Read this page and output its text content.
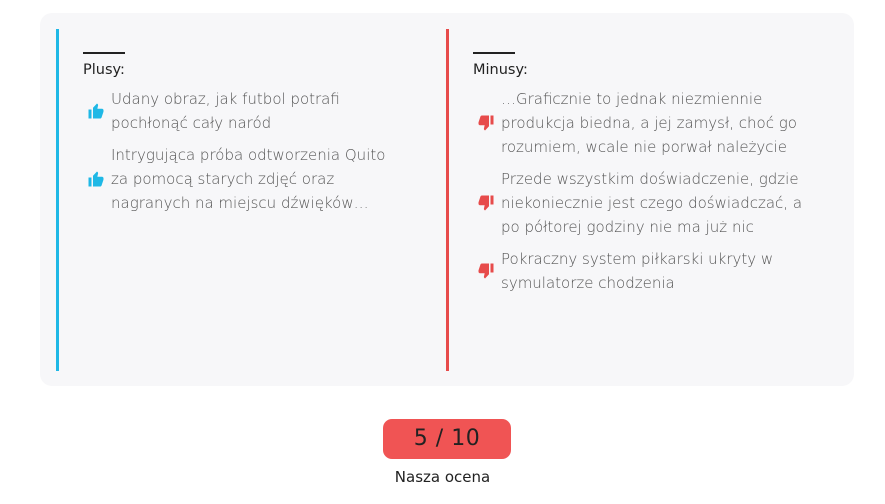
Plusy:
Udany obraz, jak futbol potrafi pochłonąć cały naród
Intrygująca próba odtworzenia Quito za pomocą starych zdjęć oraz nagranych na miejscu dźwięków…
Minusy:
…Graficznie to jednak niezmiennie produkcja biedna, a jej zamysł, choć go rozumiem, wcale nie porwał należycie
Przede wszystkim doświadczenie, gdzie niekoniecznie jest czego doświadczać, a po półtorej godziny nie ma już nic
Pokraczny system piłkarski ukryty w symulatorze chodzenia
5 / 10
Nasza ocena
